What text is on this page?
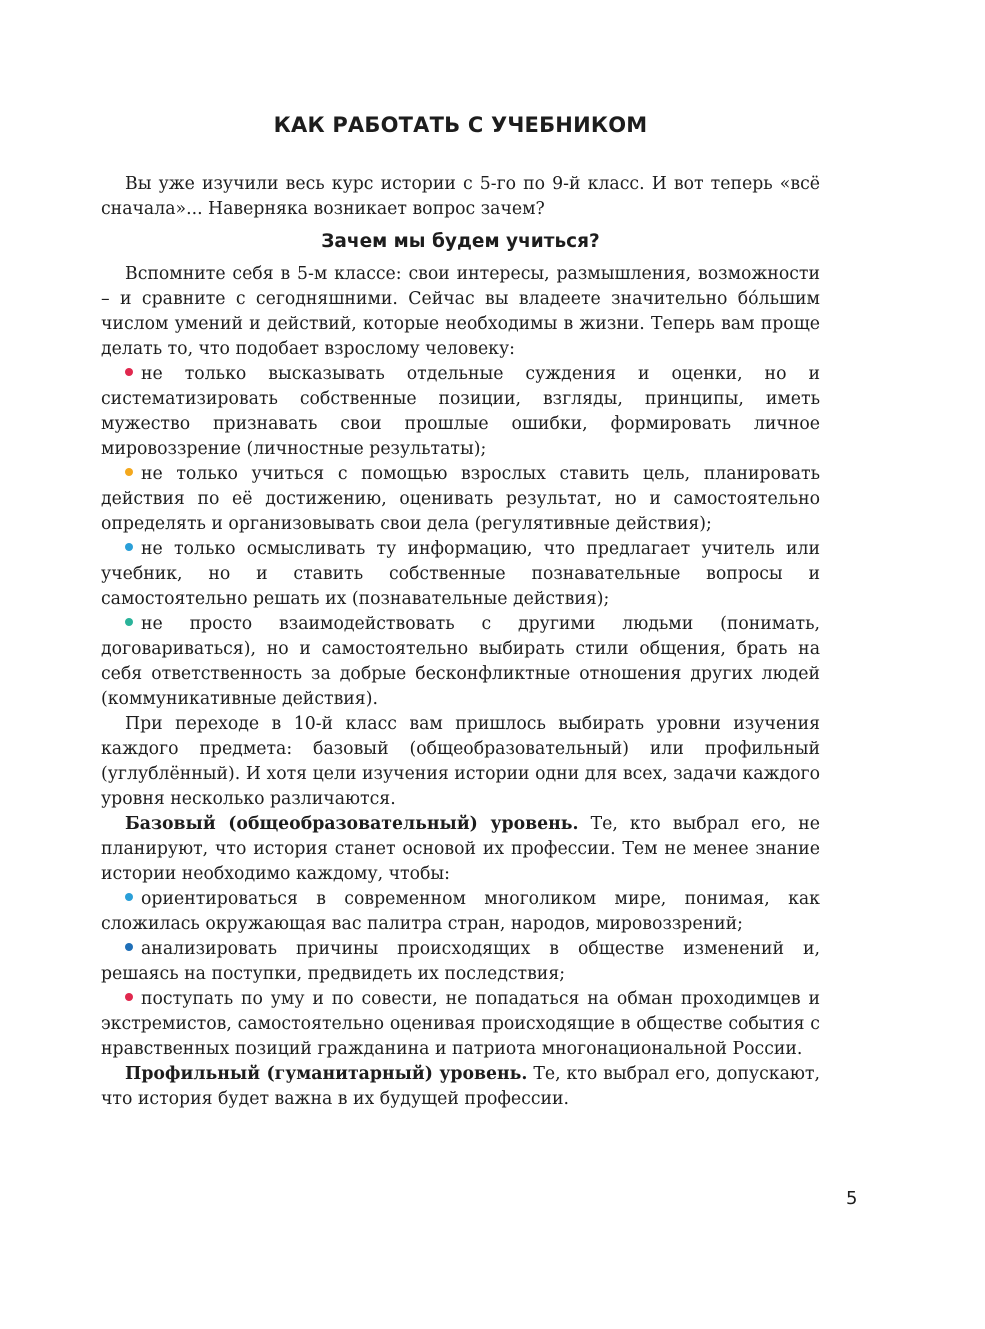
КАК РАБОТАТЬ С УЧЕБНИКОМ

Вы уже изучили весь курс истории с 5-го по 9-й класс. И вот теперь «всё сначала»... Наверняка возникает вопрос зачем?

Зачем мы будем учиться?

Вспомните себя в 5-м классе: свои интересы, размышления, возможности – и сравните с сегодняшними. Сейчас вы владеете значительно бо́льшим числом умений и действий, которые необходимы в жизни. Теперь вам проще делать то, что подобает взрослому человеку:

не только высказывать отдельные суждения и оценки, но и систематизировать собственные позиции, взгляды, принципы, иметь мужество признавать свои прошлые ошибки, формировать личное мировоззрение (личностные результаты);

не только учиться с помощью взрослых ставить цель, планировать действия по её достижению, оценивать результат, но и самостоятельно определять и организовывать свои дела (регулятивные действия);

не только осмысливать ту информацию, что предлагает учитель или учебник, но и ставить собственные познавательные вопросы и самостоятельно решать их (познавательные действия);

не просто взаимодействовать с другими людьми (понимать, договариваться), но и самостоятельно выбирать стили общения, брать на себя ответственность за добрые бесконфликтные отношения других людей (коммуникативные действия).

При переходе в 10-й класс вам пришлось выбирать уровни изучения каждого предмета: базовый (общеобразовательный) или профильный (углублённый). И хотя цели изучения истории одни для всех, задачи каждого уровня несколько различаются.

Базовый (общеобразовательный) уровень. Те, кто выбрал его, не планируют, что история станет основой их профессии. Тем не менее знание истории необходимо каждому, чтобы:

ориентироваться в современном многоликом мире, понимая, как сложилась окружающая вас палитра стран, народов, мировоззрений;

анализировать причины происходящих в обществе изменений и, решаясь на поступки, предвидеть их последствия;

поступать по уму и по совести, не попадаться на обман проходимцев и экстремистов, самостоятельно оценивая происходящие в обществе события с нравственных позиций гражданина и патриота многонациональной России.

Профильный (гуманитарный) уровень. Те, кто выбрал его, допускают, что история будет важна в их будущей профессии.

5
